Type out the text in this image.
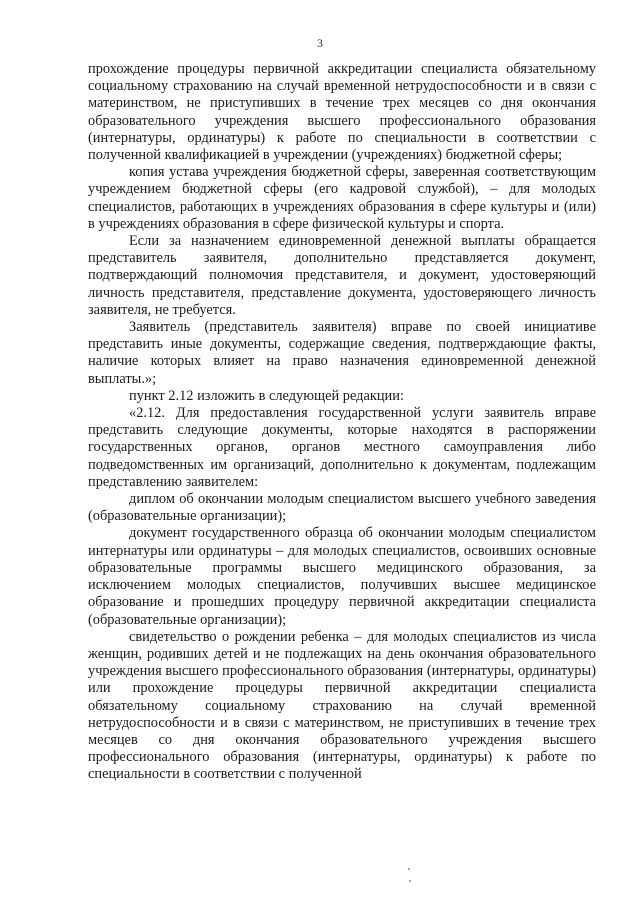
3

прохождение процедуры первичной аккредитации специалиста обязательному социальному страхованию на случай временной нетрудоспособности и в связи с материнством, не приступивших в течение трех месяцев со дня окончания образовательного учреждения высшего профессионального образования (интернатуры, ординатуры) к работе по специальности в соответствии с полученной квалификацией в учреждении (учреждениях) бюджетной сферы;

копия устава учреждения бюджетной сферы, заверенная соответствующим учреждением бюджетной сферы (его кадровой службой), – для молодых специалистов, работающих в учреждениях образования в сфере культуры и (или) в учреждениях образования в сфере физической культуры и спорта.

Если за назначением единовременной денежной выплаты обращается представитель заявителя, дополнительно представляется документ, подтверждающий полномочия представителя, и документ, удостоверяющий личность представителя, представление документа, удостоверяющего личность заявителя, не требуется.

Заявитель (представитель заявителя) вправе по своей инициативе представить иные документы, содержащие сведения, подтверждающие факты, наличие которых влияет на право назначения единовременной денежной выплаты.»;

пункт 2.12 изложить в следующей редакции:

«2.12. Для предоставления государственной услуги заявитель вправе представить следующие документы, которые находятся в распоряжении государственных органов, органов местного самоуправления либо подведомственных им организаций, дополнительно к документам, подлежащим представлению заявителем:

диплом об окончании молодым специалистом высшего учебного заведения (образовательные организации);

документ государственного образца об окончании молодым специалистом интернатуры или ординатуры – для молодых специалистов, освоивших основные образовательные программы высшего медицинского образования, за исключением молодых специалистов, получивших высшее медицинское образование и прошедших процедуру первичной аккредитации специалиста (образовательные организации);

свидетельство о рождении ребенка – для молодых специалистов из числа женщин, родивших детей и не подлежащих на день окончания образовательного учреждения высшего профессионального образования (интернатуры, ординатуры) или прохождение процедуры первичной аккредитации специалиста обязательному социальному страхованию на случай временной нетрудоспособности и в связи с материнством, не приступивших в течение трех месяцев со дня окончания образовательного учреждения высшего профессионального образования (интернатуры, ординатуры) к работе по специальности в соответствии с полученной
